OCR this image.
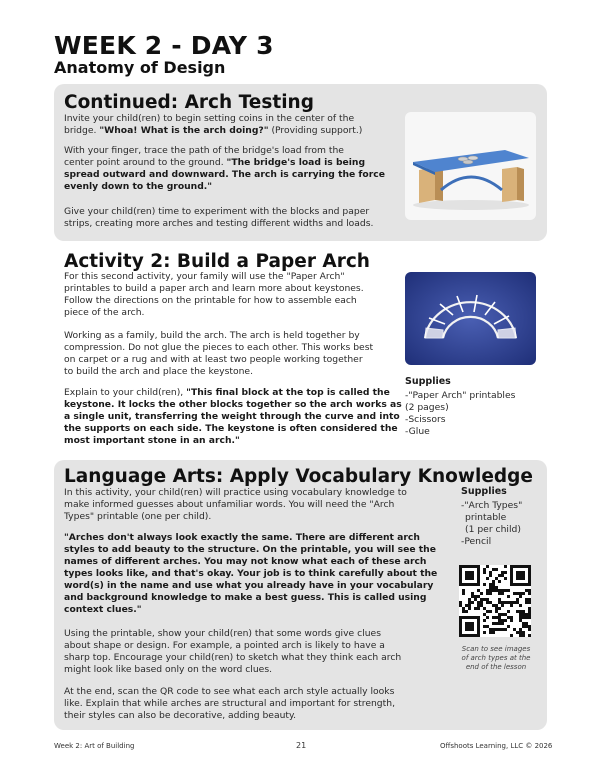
WEEK 2 - DAY 3
Anatomy of Design
Continued: Arch Testing
Invite your child(ren) to begin setting coins in the center of the
bridge. "Whoa! What is the arch doing?" (Providing support.)
With your finger, trace the path of the bridge's load from the
center point around to the ground. "The bridge's load is being
spread outward and downward. The arch is carrying the force
evenly down to the ground."
Give your child(ren) time to experiment with the blocks and paper
strips, creating more arches and testing different widths and loads.
Activity 2: Build a Paper Arch
For this second activity, your family will use the "Paper Arch"
printables to build a paper arch and learn more about keystones.
Follow the directions on the printable for how to assemble each
piece of the arch.
Working as a family, build the arch. The arch is held together by
compression. Do not glue the pieces to each other. This works best
on carpet or a rug and with at least two people working together
to build the arch and place the keystone.
Explain to your child(ren), "This final block at the top is called the
keystone. It locks the other blocks together so the arch works as
a single unit, transferring the weight through the curve and into
the supports on each side. The keystone is often considered the
most important stone in an arch."
Supplies
-"Paper Arch" printables
(2 pages)
-Scissors
-Glue
Language Arts: Apply Vocabulary Knowledge
In this activity, your child(ren) will practice using vocabulary knowledge to
make informed guesses about unfamiliar words. You will need the "Arch
Types" printable (one per child).
"Arches don't always look exactly the same. There are different arch
styles to add beauty to the structure. On the printable, you will see the
names of different arches. You may not know what each of these arch
types looks like, and that's okay. Your job is to think carefully about the
word(s) in the name and use what you already have in your vocabulary
and background knowledge to make a best guess. This is called using
context clues."
Using the printable, show your child(ren) that some words give clues
about shape or design. For example, a pointed arch is likely to have a
sharp top. Encourage your child(ren) to sketch what they think each arch
might look like based only on the word clues.
At the end, scan the QR code to see what each arch style actually looks
like. Explain that while arches are structural and important for strength,
their styles can also be decorative, adding beauty.
Supplies
-"Arch Types"
printable
(1 per child)
-Pencil
Scan to see images
of arch types at the
end of the lesson
Week 2: Art of Building	21	Offshoots Learning, LLC © 2026
